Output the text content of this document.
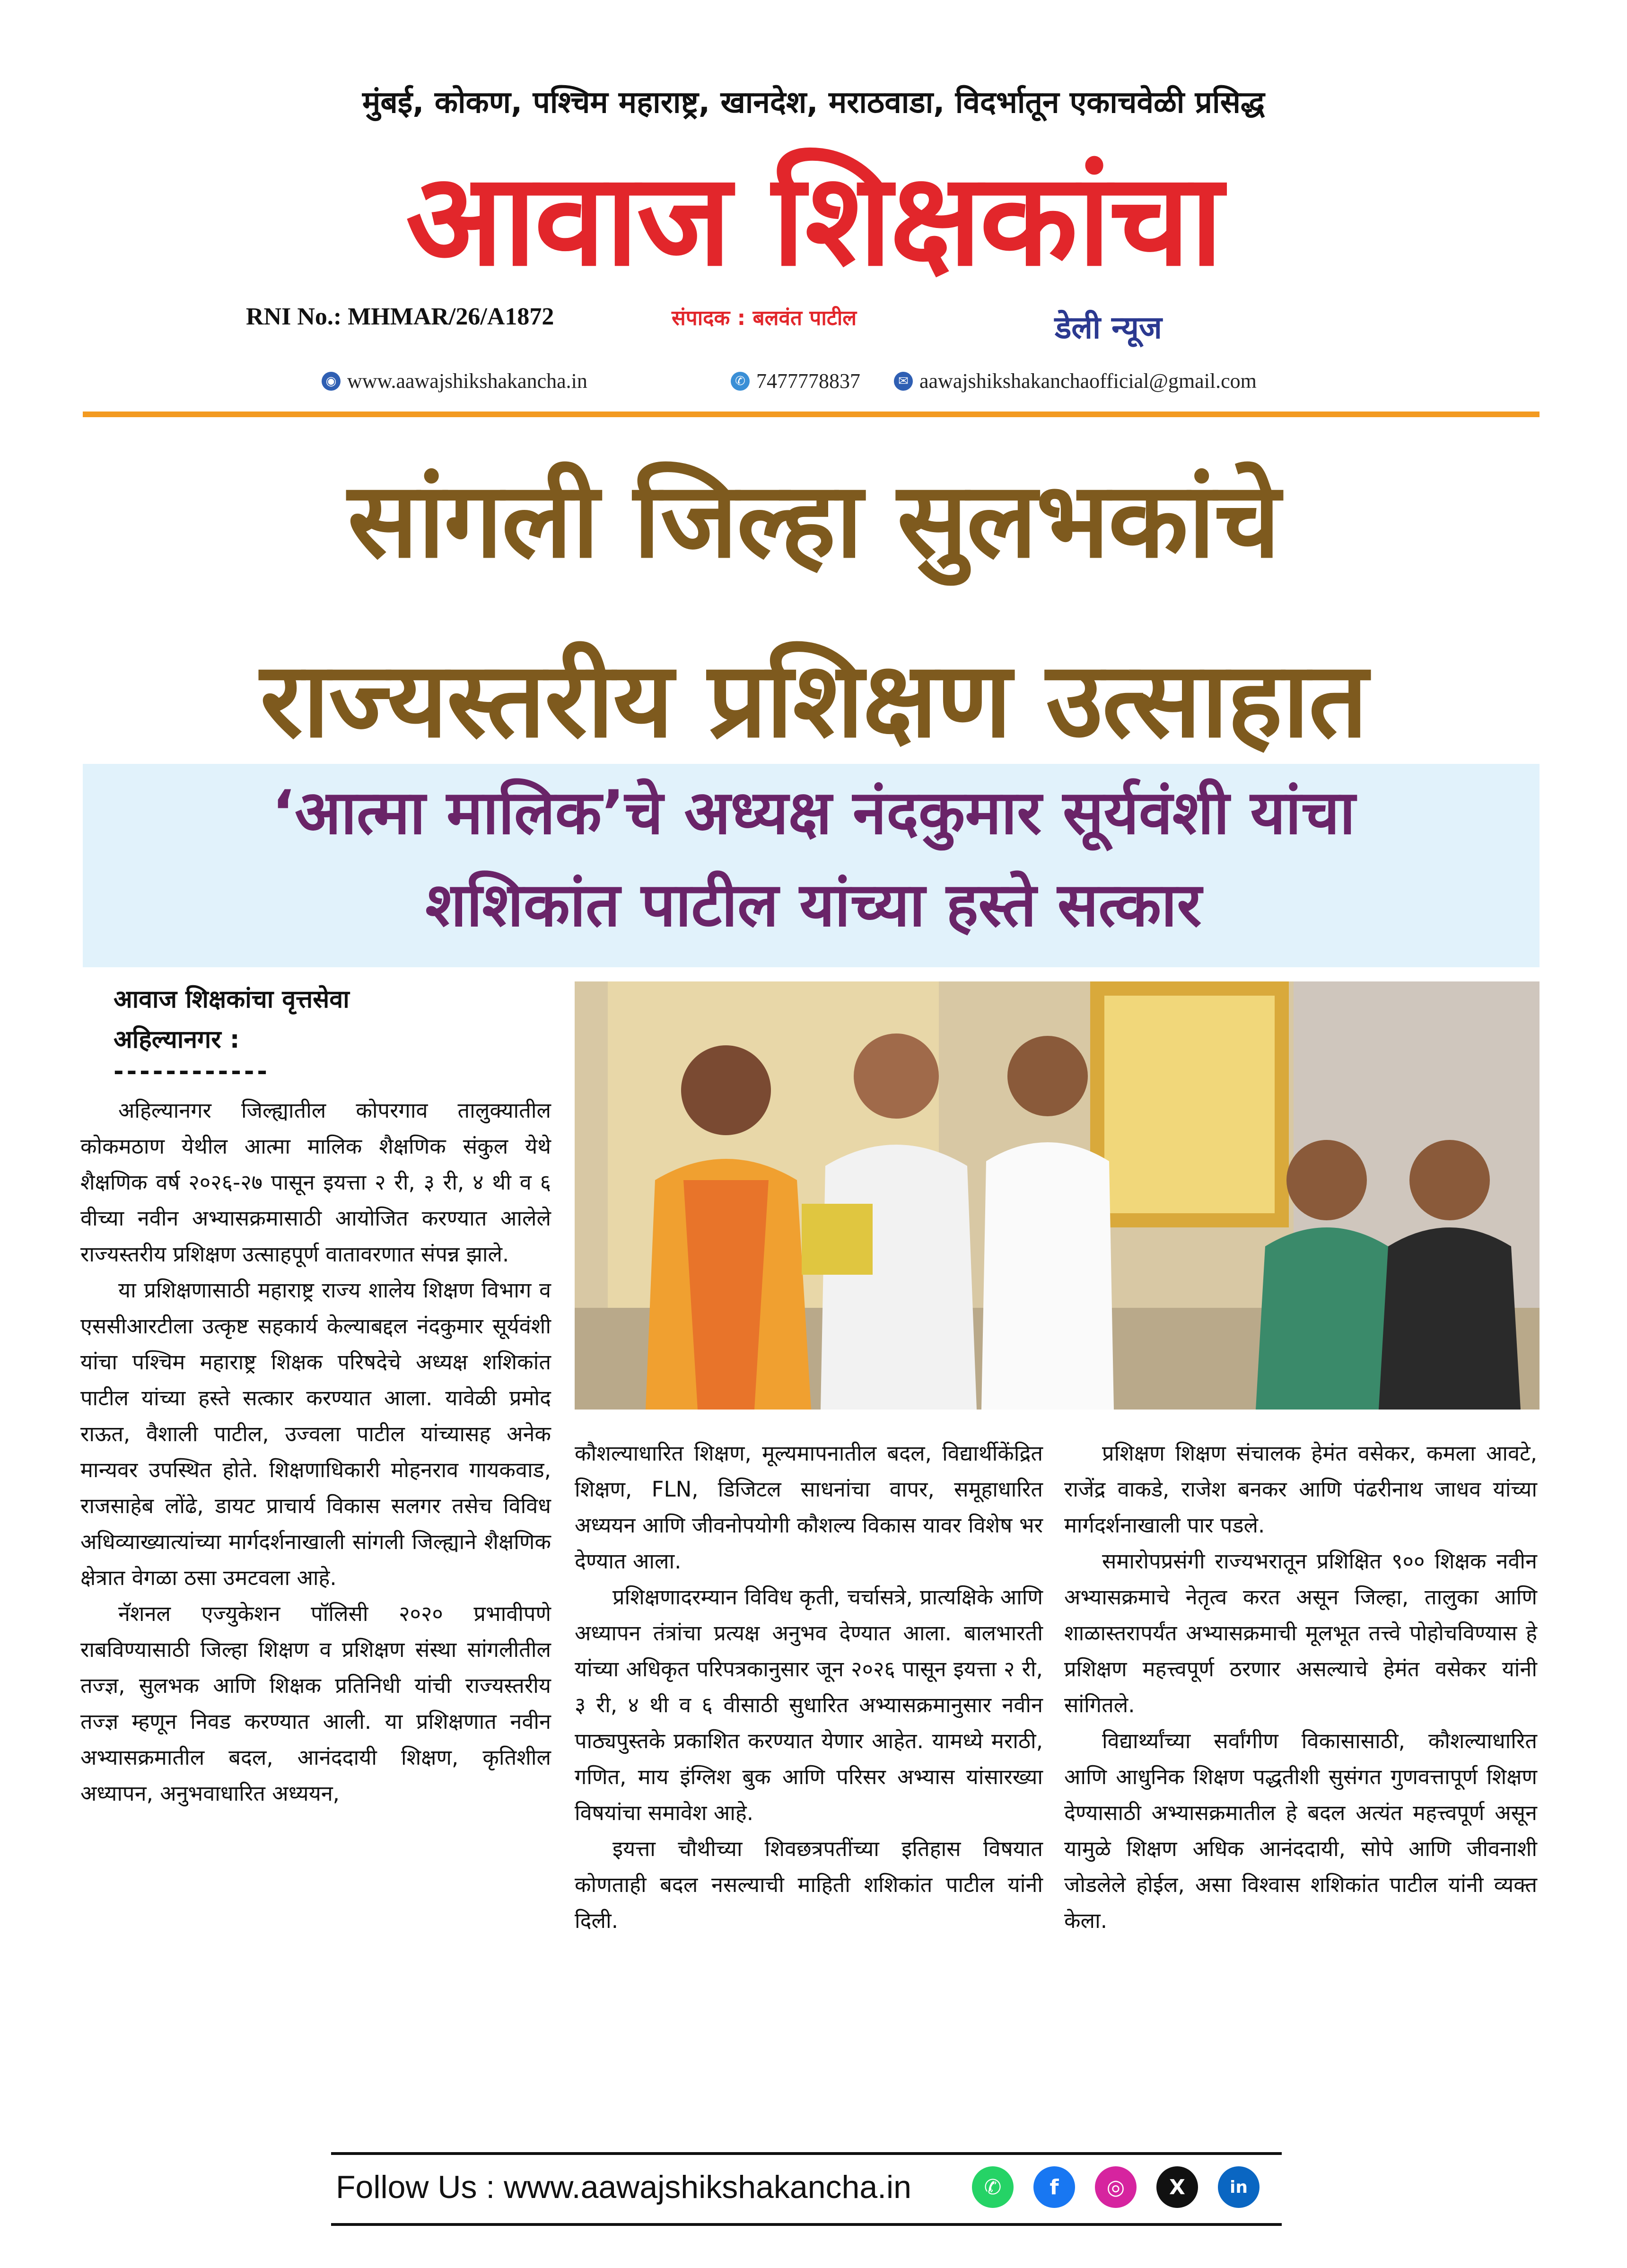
मुंबई, कोकण, पश्चिम महाराष्ट्र, खानदेश, मराठवाडा, विदर्भातून एकाचवेळी प्रसिद्ध
आवाज शिक्षकांचा
RNI No.: MHMAR/26/A1872	संपादक : बलवंत पाटील	डेली न्यूज
◉ www.aawajshikshakancha.in	✆ 7477778837	✉ aawajshikshakanchaofficial@gmail.com
सांगली जिल्हा सुलभकांचे
राज्यस्तरीय प्रशिक्षण उत्साहात
‘आत्मा मालिक’चे अध्यक्ष नंदकुमार सूर्यवंशी यांचा
शशिकांत पाटील यांच्या हस्ते सत्कार
आवाज शिक्षकांचा वृत्तसेवा
अहिल्यानगर :
------------

अहिल्यानगर जिल्ह्यातील कोपरगाव तालुक्यातील कोकमठाण येथील आत्मा मालिक शैक्षणिक संकुल येथे शैक्षणिक वर्ष २०२६-२७ पासून इयत्ता २ री, ३ री, ४ थी व ६ वीच्या नवीन अभ्यासक्रमासाठी आयोजित करण्यात आलेले राज्यस्तरीय प्रशिक्षण उत्साहपूर्ण वातावरणात संपन्न झाले.

या प्रशिक्षणासाठी महाराष्ट्र राज्य शालेय शिक्षण विभाग व एससीआरटीला उत्कृष्ट सहकार्य केल्याबद्दल नंदकुमार सूर्यवंशी यांचा पश्चिम महाराष्ट्र शिक्षक परिषदेचे अध्यक्ष शशिकांत पाटील यांच्या हस्ते सत्कार करण्यात आला. यावेळी प्रमोद राऊत, वैशाली पाटील, उज्वला पाटील यांच्यासह अनेक मान्यवर उपस्थित होते. शिक्षणाधिकारी मोहनराव गायकवाड, राजसाहेब लोंढे, डायट प्राचार्य विकास सलगर तसेच विविध अधिव्याख्यात्यांच्या मार्गदर्शनाखाली सांगली जिल्ह्याने शैक्षणिक क्षेत्रात वेगळा ठसा उमटवला आहे.

नॅशनल एज्युकेशन पॉलिसी २०२० प्रभावीपणे राबविण्यासाठी जिल्हा शिक्षण व प्रशिक्षण संस्था सांगलीतील तज्ज्ञ, सुलभक आणि शिक्षक प्रतिनिधी यांची राज्यस्तरीय तज्ज्ञ म्हणून निवड करण्यात आली. या प्रशिक्षणात नवीन अभ्यासक्रमातील बदल, आनंददायी शिक्षण, कृतिशील अध्यापन, अनुभवाधारित अध्ययन,

कौशल्याधारित शिक्षण, मूल्यमापनातील बदल, विद्यार्थीकेंद्रित शिक्षण, FLN, डिजिटल साधनांचा वापर, समूहाधारित अध्ययन आणि जीवनोपयोगी कौशल्य विकास यावर विशेष भर देण्यात आला.

प्रशिक्षणादरम्यान विविध कृती, चर्चासत्रे, प्रात्यक्षिके आणि अध्यापन तंत्रांचा प्रत्यक्ष अनुभव देण्यात आला. बालभारती यांच्या अधिकृत परिपत्रकानुसार जून २०२६ पासून इयत्ता २ री, ३ री, ४ थी व ६ वीसाठी सुधारित अभ्यासक्रमानुसार नवीन पाठ्यपुस्तके प्रकाशित करण्यात येणार आहेत. यामध्ये मराठी, गणित, माय इंग्लिश बुक आणि परिसर अभ्यास यांसारख्या विषयांचा समावेश आहे.

इयत्ता चौथीच्या शिवछत्रपतींच्या इतिहास विषयात कोणताही बदल नसल्याची माहिती शशिकांत पाटील यांनी दिली.

प्रशिक्षण शिक्षण संचालक हेमंत वसेकर, कमला आवटे, राजेंद्र वाकडे, राजेश बनकर आणि पंढरीनाथ जाधव यांच्या मार्गदर्शनाखाली पार पडले.

समारोपप्रसंगी राज्यभरातून प्रशिक्षित ९०० शिक्षक नवीन अभ्यासक्रमाचे नेतृत्व करत असून जिल्हा, तालुका आणि शाळास्तरापर्यंत अभ्यासक्रमाची मूलभूत तत्त्वे पोहोचविण्यास हे प्रशिक्षण महत्त्वपूर्ण ठरणार असल्याचे हेमंत वसेकर यांनी सांगितले.

विद्यार्थ्यांच्या सर्वांगीण विकासासाठी, कौशल्याधारित आणि आधुनिक शिक्षण पद्धतीशी सुसंगत गुणवत्तापूर्ण शिक्षण देण्यासाठी अभ्यासक्रमातील हे बदल अत्यंत महत्त्वपूर्ण असून यामुळे शिक्षण अधिक आनंददायी, सोपे आणि जीवनाशी जोडलेले होईल, असा विश्वास शशिकांत पाटील यांनी व्यक्त केला.

Follow Us : www.aawajshikshakancha.in	✆	f	◎	X	in
